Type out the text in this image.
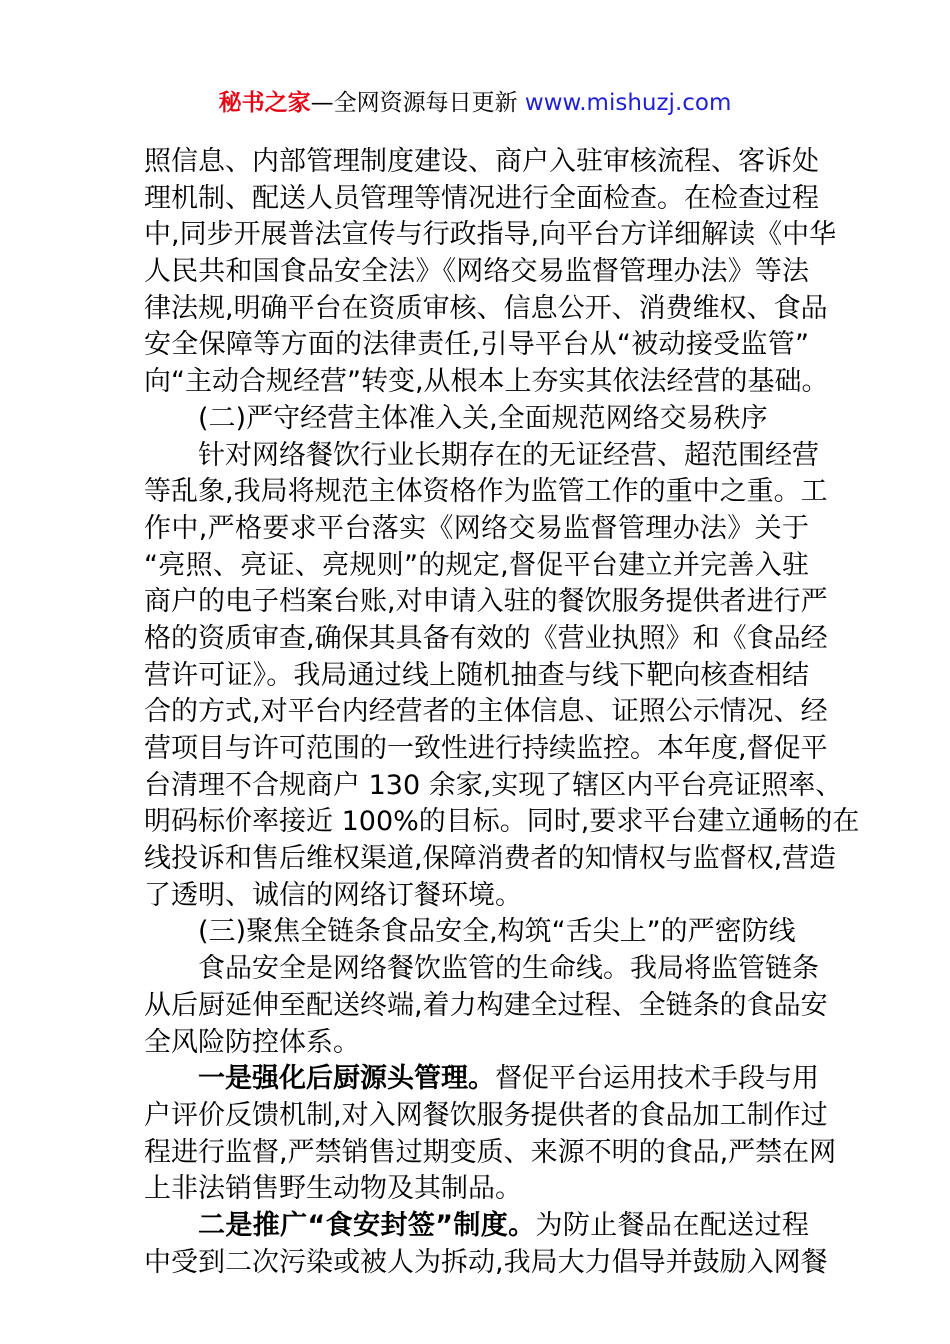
秘书之家—全网资源每日更新 www.mishuzj.com
照信息、内部管理制度建设、商户入驻审核流程、客诉处
理机制、配送人员管理等情况进行全面检查。在检查过程
中,同步开展普法宣传与行政指导,向平台方详细解读《中华
人民共和国食品安全法》《网络交易监督管理办法》等法
律法规,明确平台在资质审核、信息公开、消费维权、食品
安全保障等方面的法律责任,引导平台从“被动接受监管”
向“主动合规经营”转变,从根本上夯实其依法经营的基础。
(二)严守经营主体准入关,全面规范网络交易秩序
针对网络餐饮行业长期存在的无证经营、超范围经营
等乱象,我局将规范主体资格作为监管工作的重中之重。工
作中,严格要求平台落实《网络交易监督管理办法》关于
“亮照、亮证、亮规则”的规定,督促平台建立并完善入驻
商户的电子档案台账,对申请入驻的餐饮服务提供者进行严
格的资质审查,确保其具备有效的《营业执照》和《食品经
营许可证》。我局通过线上随机抽查与线下靶向核查相结
合的方式,对平台内经营者的主体信息、证照公示情况、经
营项目与许可范围的一致性进行持续监控。本年度,督促平
台清理不合规商户 130 余家,实现了辖区内平台亮证照率、
明码标价率接近 100%的目标。同时,要求平台建立通畅的在
线投诉和售后维权渠道,保障消费者的知情权与监督权,营造
了透明、诚信的网络订餐环境。
(三)聚焦全链条食品安全,构筑“舌尖上”的严密防线
食品安全是网络餐饮监管的生命线。我局将监管链条
从后厨延伸至配送终端,着力构建全过程、全链条的食品安
全风险防控体系。
一是强化后厨源头管理。督促平台运用技术手段与用
户评价反馈机制,对入网餐饮服务提供者的食品加工制作过
程进行监督,严禁销售过期变质、来源不明的食品,严禁在网
上非法销售野生动物及其制品。
二是推广“食安封签”制度。为防止餐品在配送过程
中受到二次污染或被人为拆动,我局大力倡导并鼓励入网餐
